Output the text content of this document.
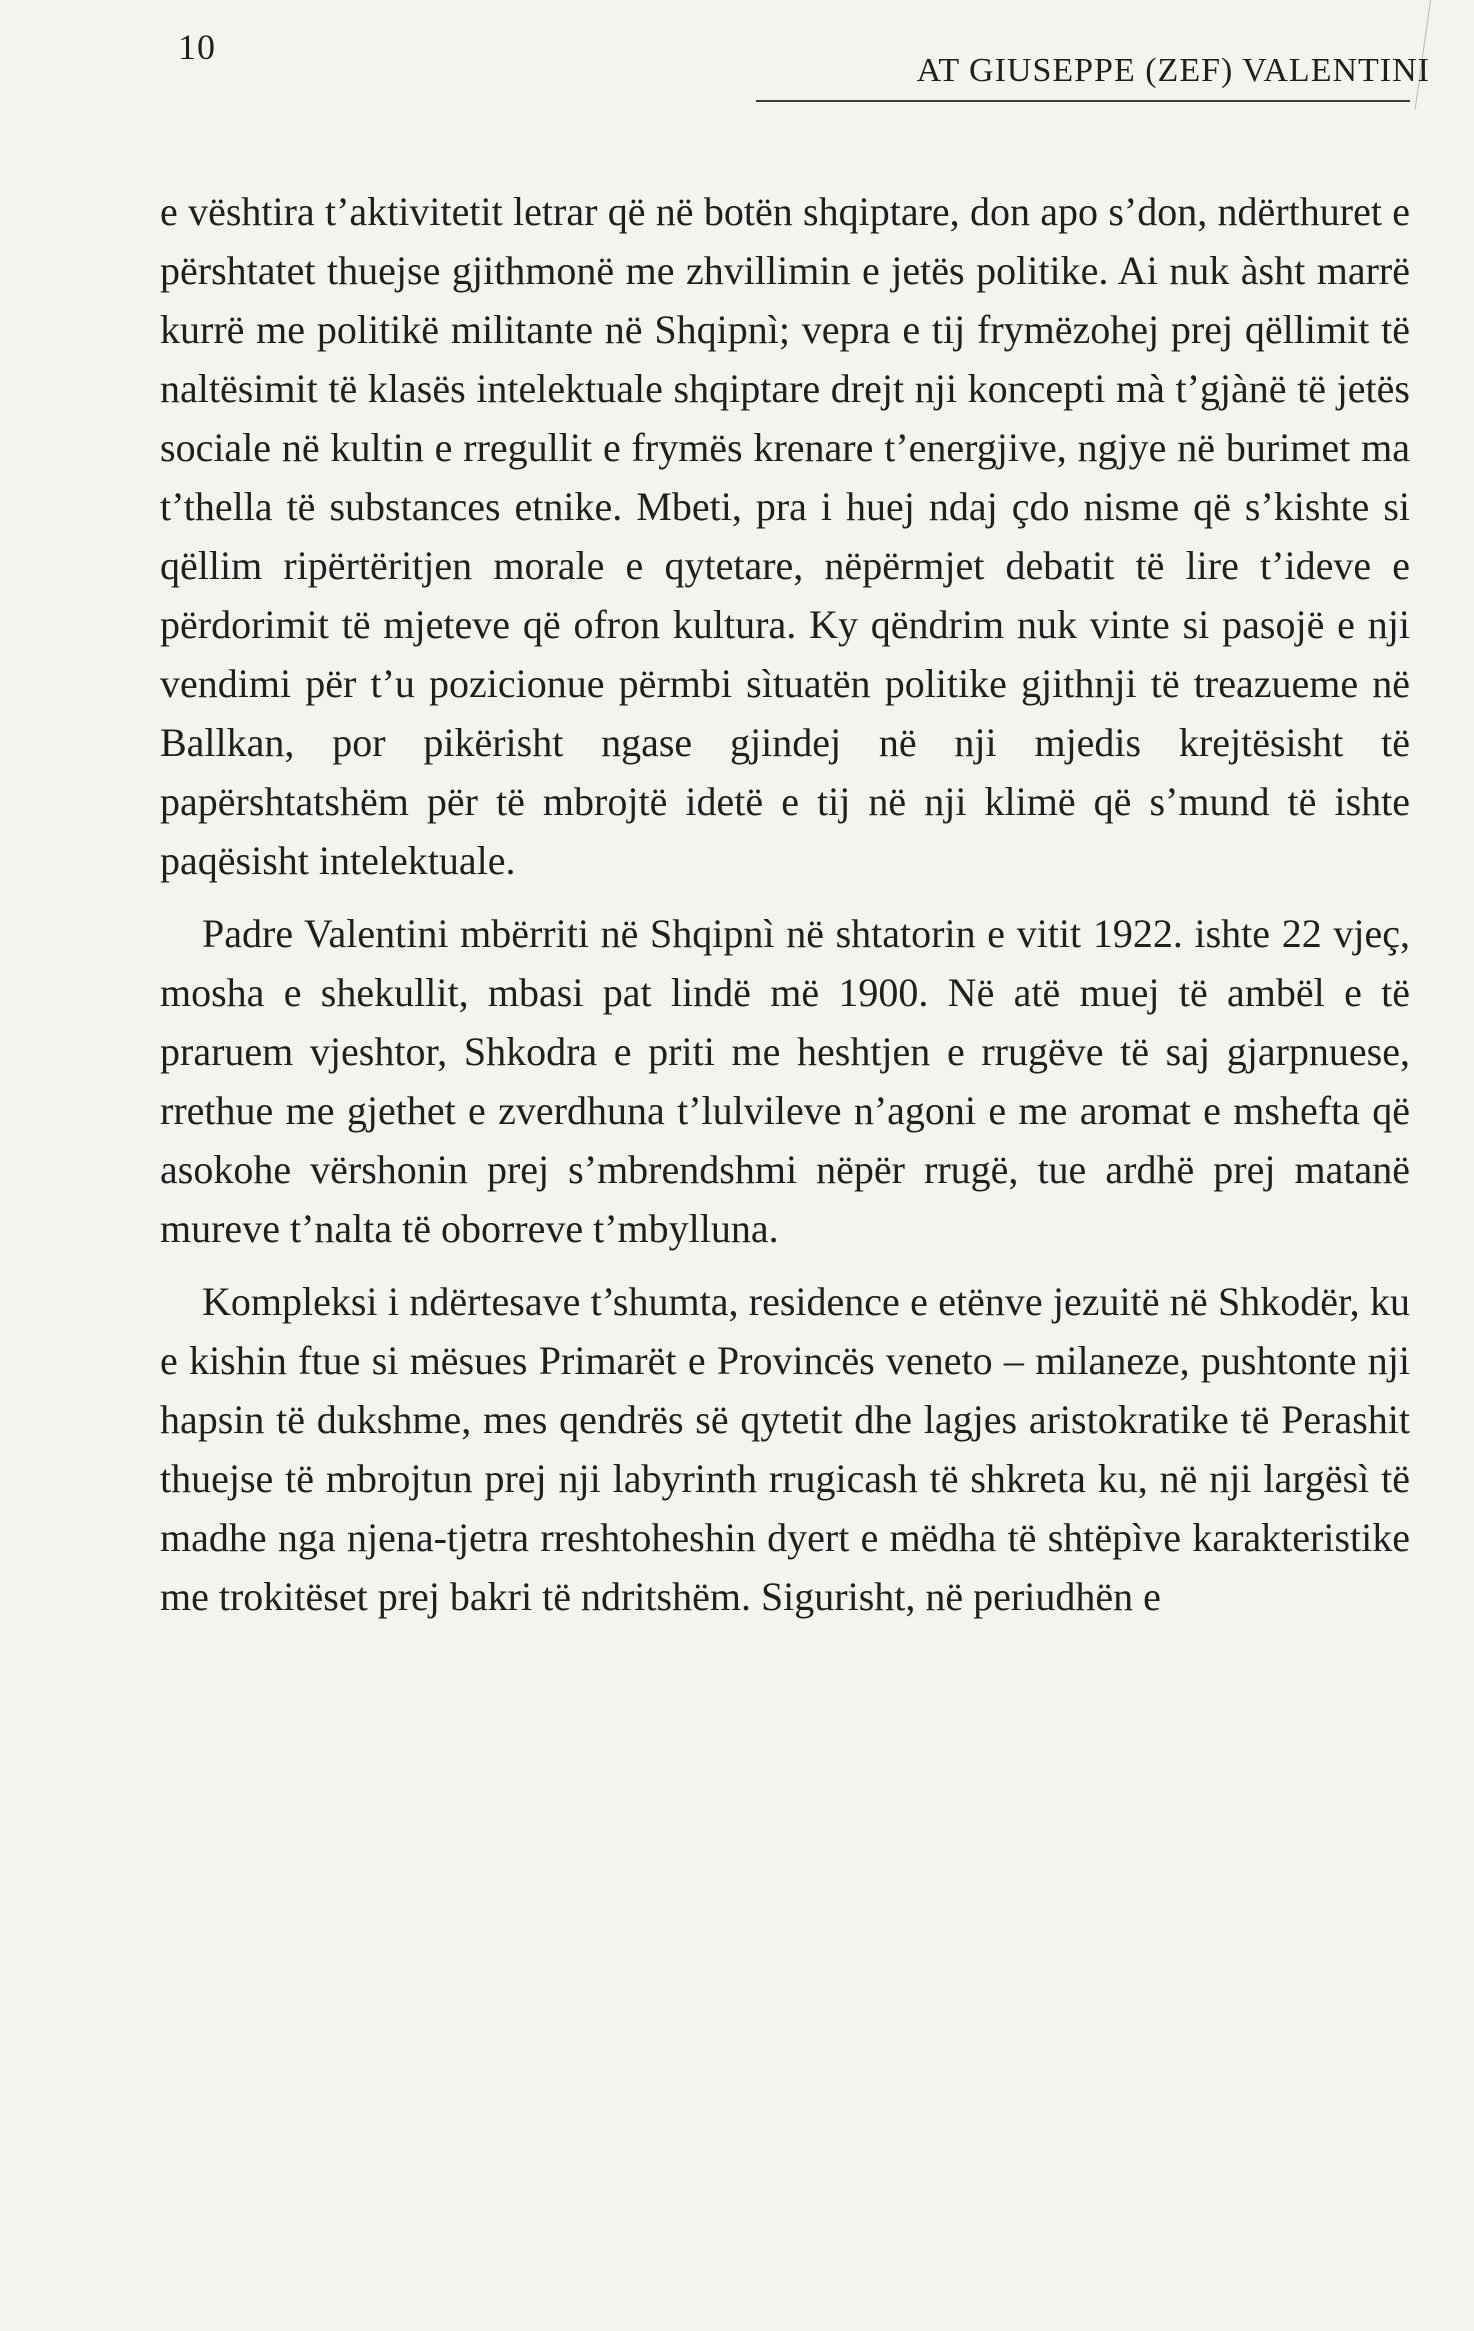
10
AT GIUSEPPE (ZEF) VALENTINI

e vështira t’aktivitetit letrar që në botën shqiptare, don apo s’don, ndërthuret e përshtatet thuejse gjithmonë me zhvillimin e jetës politike. Ai nuk àsht marrë kurrë me politikë militante në Shqipnì; vepra e tij frymëzohej prej qëllimit të naltësimit të klasës intelektuale shqiptare drejt nji koncepti mà t’gjànë të jetës sociale në kultin e rregullit e frymës krenare t’energjive, ngjye në burimet ma t’thella të substances etnike. Mbeti, pra i huej ndaj çdo nisme që s’kishte si qëllim ripërtëritjen morale e qytetare, nëpërmjet debatit të lire t’ideve e përdorimit të mjeteve që ofron kultura. Ky qëndrim nuk vinte si pasojë e nji vendimi për t’u pozicionue përmbi sìtuatën politike gjithnji të treazueme në Ballkan, por pikërisht ngase gjindej në nji mjedis krejtësisht të papërshtatshëm për të mbrojtë idetë e tij në nji klimë që s’mund të ishte paqësisht intelektuale.

Padre Valentini mbërriti në Shqipnì në shtatorin e vitit 1922. ishte 22 vjeç, mosha e shekullit, mbasi pat lindë më 1900. Në atë muej të ambël e të praruem vjeshtor, Shkodra e priti me heshtjen e rrugëve të saj gjarpnuese, rrethue me gjethet e zverdhuna t’lulvileve n’agoni e me aromat e mshefta që asokohe vërshonin prej s’mbrendshmi nëpër rrugë, tue ardhë prej matanë mureve t’nalta të oborreve t’mbylluna.

Kompleksi i ndërtesave t’shumta, residence e etënve jezuitë në Shkodër, ku e kishin ftue si mësues Primarët e Provincës veneto – milaneze, pushtonte nji hapsin të dukshme, mes qendrës së qytetit dhe lagjes aristokratike të Perashit thuejse të mbrojtun prej nji labyrinth rrugicash të shkreta ku, në nji largësì të madhe nga njena-tjetra rreshtoheshin dyert e mëdha të shtëpìve karakteristike me trokitëset prej bakri të ndritshëm. Sigurisht, në periudhën e
